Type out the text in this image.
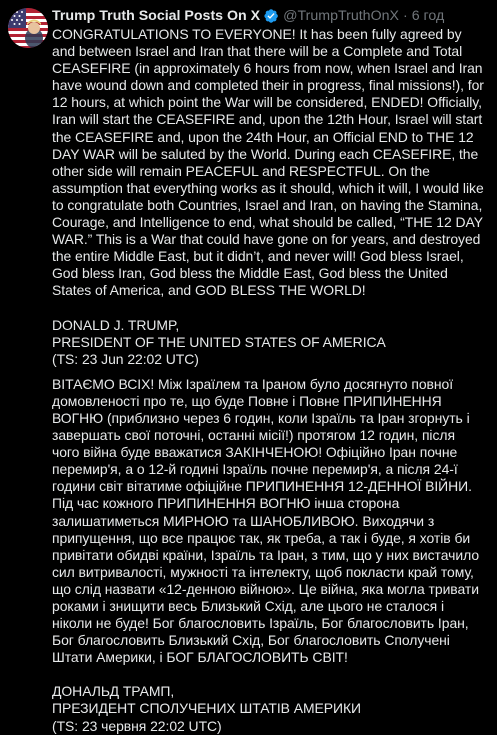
Trump Truth Social Posts On X @TrumpTruthOnX · 6 год

CONGRATULATIONS TO EVERYONE! It has been fully agreed by and between Israel and Iran that there will be a Complete and Total CEASEFIRE (in approximately 6 hours from now, when Israel and Iran have wound down and completed their in progress, final missions!), for 12 hours, at which point the War will be considered, ENDED! Officially, Iran will start the CEASEFIRE and, upon the 12th Hour, Israel will start the CEASEFIRE and, upon the 24th Hour, an Official END to THE 12 DAY WAR will be saluted by the World. During each CEASEFIRE, the other side will remain PEACEFUL and RESPECTFUL. On the assumption that everything works as it should, which it will, I would like to congratulate both Countries, Israel and Iran, on having the Stamina, Courage, and Intelligence to end, what should be called, “THE 12 DAY WAR.” This is a War that could have gone on for years, and destroyed the entire Middle East, but it didn’t, and never will! God bless Israel, God bless Iran, God bless the Middle East, God bless the United States of America, and GOD BLESS THE WORLD!

DONALD J. TRUMP,

PRESIDENT OF THE UNITED STATES OF AMERICA

(TS: 23 Jun 22:02 UTC)

ВІТАЄМО ВСІХ! Між Ізраїлем та Іраном було досягнуто повної домовленості про те, що буде Повне і Повне ПРИПИНЕННЯ ВОГНЮ (приблизно через 6 годин, коли Ізраїль та Іран згорнуть і завершать свої поточні, останні місії!) протягом 12 годин, після чого війна буде вважатися ЗАКІНЧЕНОЮ! Офіційно Іран почне перемир'я, а о 12-й годині Ізраїль почне перемир'я, а після 24-ї години світ вітатиме офіційне ПРИПИНЕННЯ 12-ДЕННОЇ ВІЙНИ. Під час кожного ПРИПИНЕННЯ ВОГНЮ інша сторона залишатиметься МИРНОЮ та ШАНОБЛИВОЮ. Виходячи з припущення, що все працює так, як треба, а так і буде, я хотів би привітати обидві країни, Ізраїль та Іран, з тим, що у них вистачило сил витривалості, мужності та інтелекту, щоб покласти край тому, що слід назвати «12-денною війною». Це війна, яка могла тривати роками і знищити весь Близький Схід, але цього не сталося і ніколи не буде! Бог благословить Ізраїль, Бог благословить Іран, Бог благословить Близький Схід, Бог благословить Сполучені Штати Америки, і БОГ БЛАГОСЛОВИТЬ СВІТ!

ДОНАЛЬД ТРАМП,

ПРЕЗИДЕНТ СПОЛУЧЕНИХ ШТАТІВ АМЕРИКИ

(TS: 23 червня 22:02 UTC)
